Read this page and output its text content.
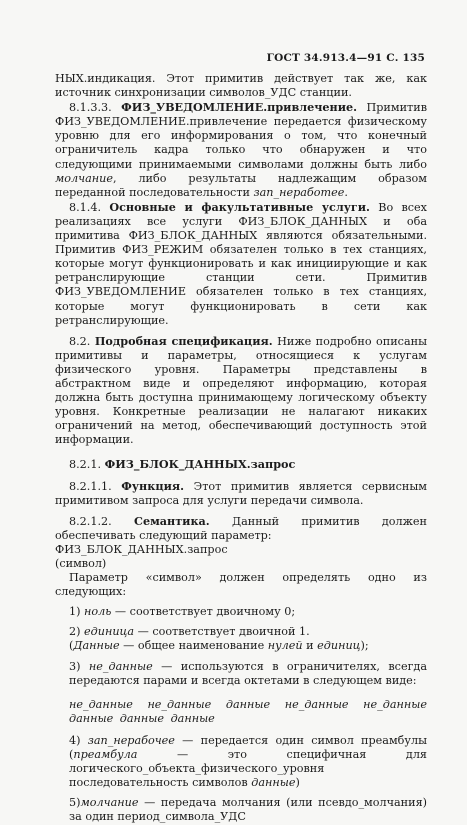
ГОСТ 34.913.4—91 С. 135

НЫХ.индикация. Этот примитив действует так же, как источник синхронизации символов_УДС станции.

8.1.3.3. ФИЗ_УВЕДОМЛЕНИЕ.привлечение. Примитив ФИЗ_УВЕДОМЛЕНИЕ.привлечение передается физическому уровню для его информирования о том, что конечный ограничитель кадра только что обнаружен и что следующими принимаемыми символами должны быть либо молчание, либо результаты надлежащим образом переданной последовательности зап_неработее.

8.1.4. Основные и факультативные услуги. Во всех реализациях все услуги ФИЗ_БЛОК_ДАННЫХ и оба примитива ФИЗ_БЛОК_ДАННЫХ являются обязательными. Примитив ФИЗ_РЕЖИМ обязателен только в тех станциях, которые могут функционировать и как инициирующие и как ретранслирующие станции сети. Примитив ФИЗ_УВЕДОМЛЕНИЕ обязателен только в тех станциях, которые могут функционировать в сети как ретранслирующие.

8.2. Подробная спецификация. Ниже подробно описаны примитивы и параметры, относящиеся к услугам физического уровня. Параметры представлены в абстрактном виде и определяют информацию, которая должна быть доступна принимающему логическому объекту уровня. Конкретные реализации не налагают никаких ограничений на метод, обеспечивающий доступность этой информации.

8.2.1. ФИЗ_БЛОК_ДАННЫХ.запрос

8.2.1.1. Функция. Этот примитив является сервисным примитивом запроса для услуги передачи символа.

8.2.1.2. Семантика. Данный примитив должен обеспечивать следующий параметр:

ФИЗ_БЛОК_ДАННЫХ.запрос

(символ)

Параметр «символ» должен определять одно из следующих:

1) ноль — соответствует двоичному 0;

2) единица — соответствует двоичной 1.

(Данные — общее наименование нулей и единиц);

3) не_данные — используются в ограничителях, всегда передаются парами и всегда октетами в следующем виде:

не_данные не_данные данные не_данные не_данные данные данные данные

4) зап_нерабочее — передается один символ преамбулы (преамбула — это специфичная для логического_объекта_физического_уровня последовательность символов данные)

5)молчание — передача молчания (или псевдо_молчания) за один период_символа_УДС
